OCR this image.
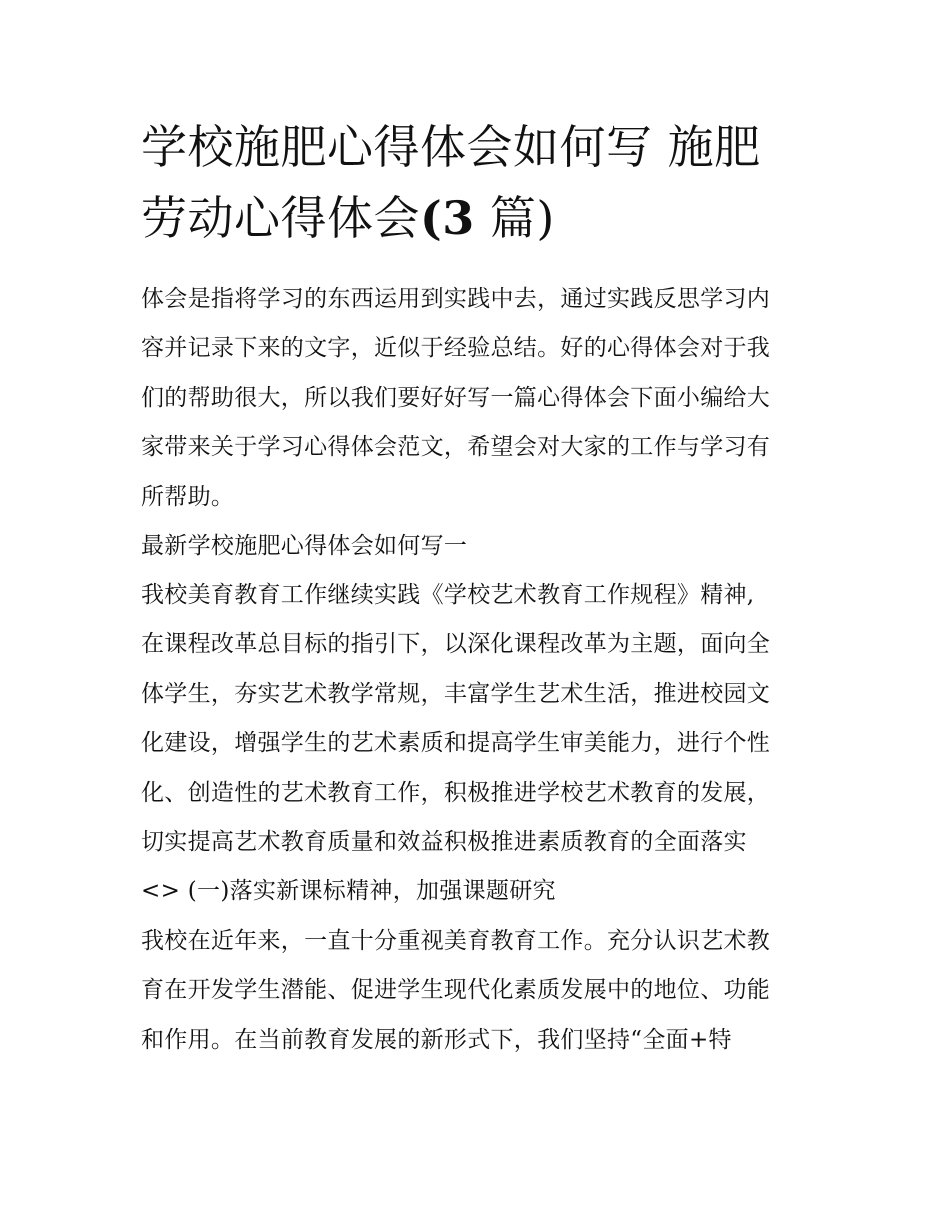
学校施肥心得体会如何写 施肥
劳动心得体会(3 篇)

体会是指将学习的东西运用到实践中去，通过实践反思学习内
容并记录下来的文字，近似于经验总结。好的心得体会对于我
们的帮助很大，所以我们要好好写一篇心得体会下面小编给大
家带来关于学习心得体会范文，希望会对大家的工作与学习有
所帮助。

最新学校施肥心得体会如何写一

我校美育教育工作继续实践《学校艺术教育工作规程》精神,
在课程改革总目标的指引下，以深化课程改革为主题，面向全
体学生，夯实艺术教学常规，丰富学生艺术生活，推进校园文
化建设，增强学生的艺术素质和提高学生审美能力，进行个性
化、创造性的艺术教育工作，积极推进学校艺术教育的发展，
切实提高艺术教育质量和效益积极推进素质教育的全面落实

<> (一)落实新课标精神，加强课题研究

我校在近年来，一直十分重视美育教育工作。充分认识艺术教
育在开发学生潜能、促进学生现代化素质发展中的地位、功能
和作用。在当前教育发展的新形式下，我们坚持“全面+特
